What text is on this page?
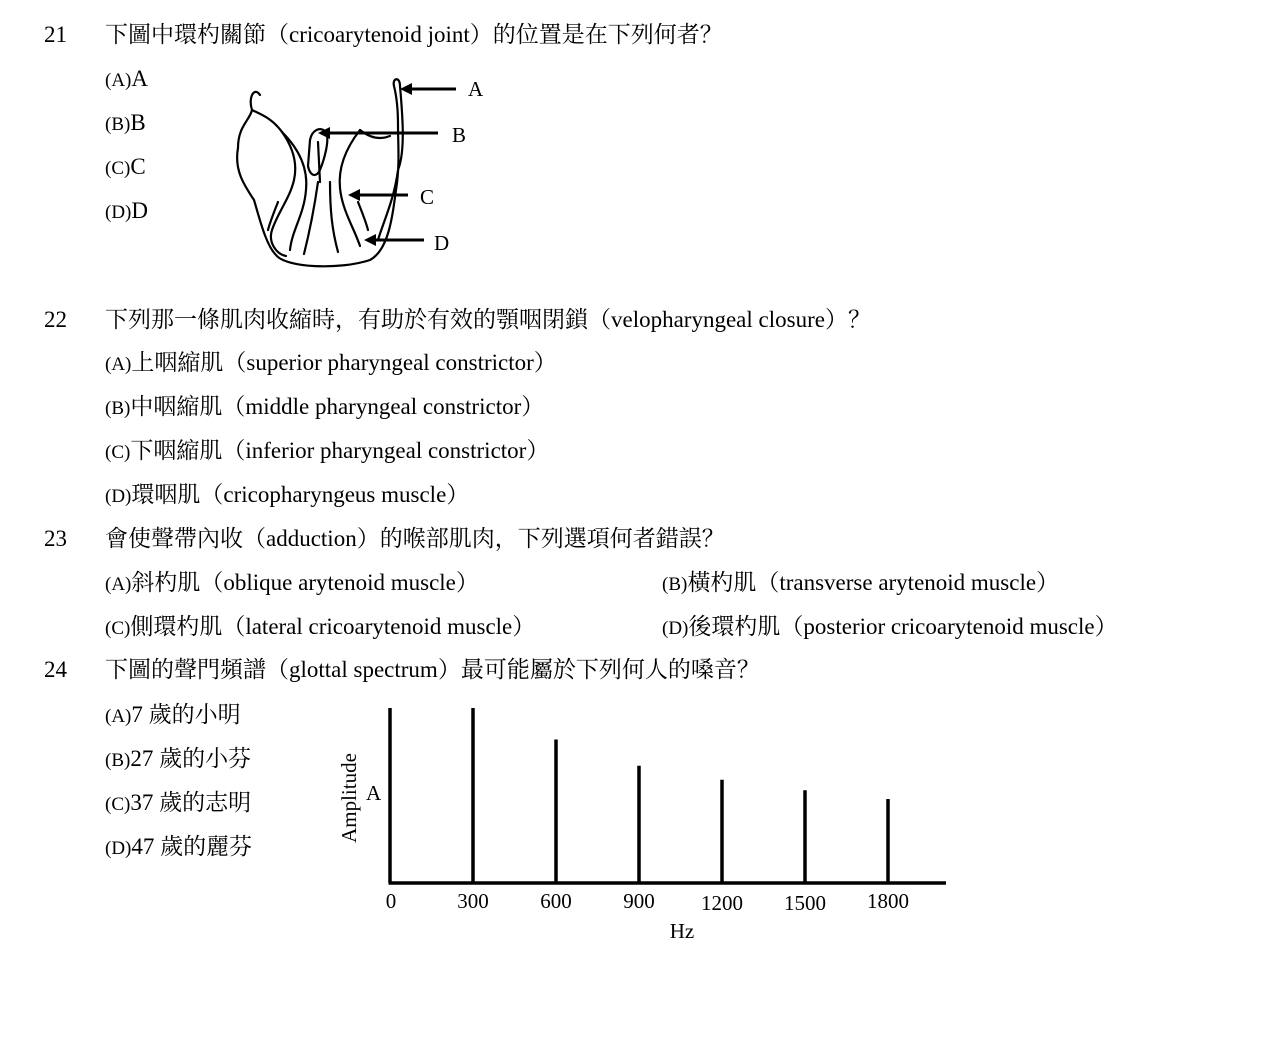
21 下圖中環杓關節（cricoarytenoid joint）的位置是在下列何者？
(A)A
(B)B
(C)C
(D)D
A
B
C
D
22 下列那一條肌肉收縮時，有助於有效的顎咽閉鎖（velopharyngeal closure）？
(A)上咽縮肌（superior pharyngeal constrictor）
(B)中咽縮肌（middle pharyngeal constrictor）
(C)下咽縮肌（inferior pharyngeal constrictor）
(D)環咽肌（cricopharyngeus muscle）
23 會使聲帶內收（adduction）的喉部肌肉，下列選項何者錯誤？
(A)斜杓肌（oblique arytenoid muscle）	(B)橫杓肌（transverse arytenoid muscle）
(C)側環杓肌（lateral cricoarytenoid muscle）	(D)後環杓肌（posterior cricoarytenoid muscle）
24 下圖的聲門頻譜（glottal spectrum）最可能屬於下列何人的嗓音？
(A)7 歲的小明
(B)27 歲的小芬
(C)37 歲的志明
(D)47 歲的麗芬
0	300 600 900 1200 1500 1800
Amplitude A
Hz
